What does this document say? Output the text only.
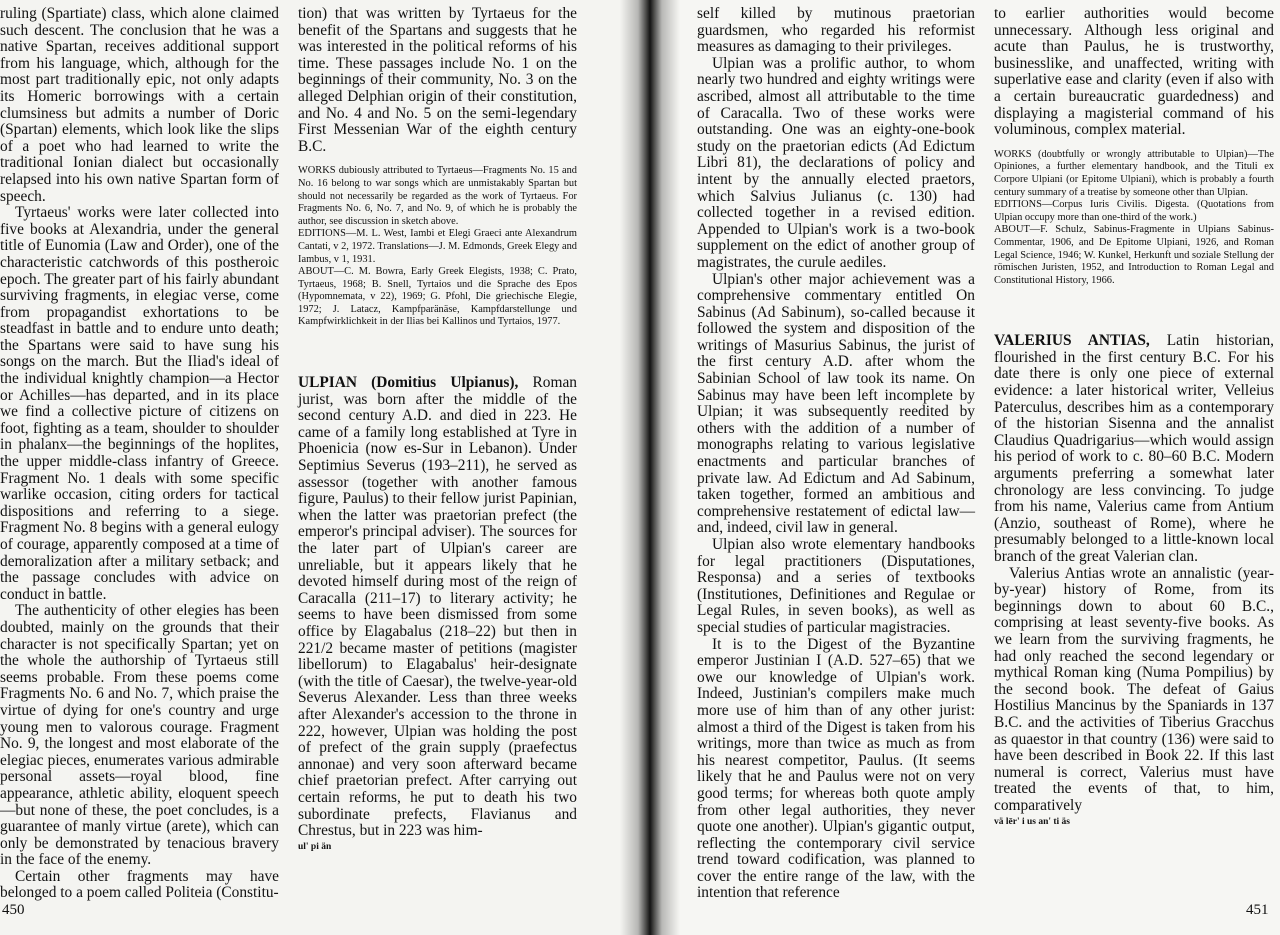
ruling (Spartiate) class, which alone claimed such descent. The conclusion that he was a native Spartan, receives additional support from his language, which, although for the most part traditionally epic, not only adapts its Homeric borrowings with a certain clumsiness but admits a number of Doric (Spartan) elements, which look like the slips of a poet who had learned to write the traditional Ionian dialect but occasionally relapsed into his own native Spartan form of speech.

Tyrtaeus' works were later collected into five books at Alexandria, under the general title of Eunomia (Law and Order), one of the characteristic catchwords of this postheroic epoch. The greater part of his fairly abundant surviving fragments, in elegiac verse, come from propagandist exhortations to be steadfast in battle and to endure unto death; the Spartans were said to have sung his songs on the march. But the Iliad's ideal of the individual knightly champion—a Hector or Achilles—has departed, and in its place we find a collective picture of citizens on foot, fighting as a team, shoulder to shoulder in phalanx—the beginnings of the hoplites, the upper middle-class infantry of Greece. Fragment No. 1 deals with some specific warlike occasion, citing orders for tactical dispositions and referring to a siege. Fragment No. 8 begins with a general eulogy of courage, apparently composed at a time of demoralization after a military setback; and the passage concludes with advice on conduct in battle.

The authenticity of other elegies has been doubted, mainly on the grounds that their character is not specifically Spartan; yet on the whole the authorship of Tyrtaeus still seems probable. From these poems come Fragments No. 6 and No. 7, which praise the virtue of dying for one's country and urge young men to valorous courage. Fragment No. 9, the longest and most elaborate of the elegiac pieces, enumerates various admirable personal assets—royal blood, fine appearance, athletic ability, eloquent speech—but none of these, the poet concludes, is a guarantee of manly virtue (arete), which can only be demonstrated by tenacious bravery in the face of the enemy.

Certain other fragments may have belonged to a poem called Politeia (Constitu-

tion) that was written by Tyrtaeus for the benefit of the Spartans and suggests that he was interested in the political reforms of his time. These passages include No. 1 on the beginnings of their community, No. 3 on the alleged Delphian origin of their constitution, and No. 4 and No. 5 on the semi-legendary First Messenian War of the eighth century B.C.

WORKS dubiously attributed to Tyrtaeus—Fragments No. 15 and No. 16 belong to war songs which are unmistakably Spartan but should not necessarily be regarded as the work of Tyrtaeus. For Fragments No. 6, No. 7, and No. 9, of which he is probably the author, see discussion in sketch above.

EDITIONS—M. L. West, Iambi et Elegi Graeci ante Alexandrum Cantati, v 2, 1972. Translations—J. M. Edmonds, Greek Elegy and Iambus, v 1, 1931.

ABOUT—C. M. Bowra, Early Greek Elegists, 1938; C. Prato, Tyrtaeus, 1968; B. Snell, Tyrtaios und die Sprache des Epos (Hypomnemata, v 22), 1969; G. Pfohl, Die griechische Elegie, 1972; J. Latacz, Kampfparänäse, Kampfdarstellunge und Kampfwirklichkeit in der Ilias bei Kallinos und Tyrtaios, 1977.

ULPIAN (Domitius Ulpianus), Roman jurist, was born after the middle of the second century A.D. and died in 223. He came of a family long established at Tyre in Phoenicia (now es-Sur in Lebanon). Under Septimius Severus (193–211), he served as assessor (together with another famous figure, Paulus) to their fellow jurist Papinian, when the latter was praetorian prefect (the emperor's principal adviser). The sources for the later part of Ulpian's career are unreliable, but it appears likely that he devoted himself during most of the reign of Caracalla (211–17) to literary activity; he seems to have been dismissed from some office by Elagabalus (218–22) but then in 221/2 became master of petitions (magister libellorum) to Elagabalus' heir-designate (with the title of Caesar), the twelve-year-old Severus Alexander. Less than three weeks after Alexander's accession to the throne in 222, however, Ulpian was holding the post of prefect of the grain supply (praefectus annonae) and very soon afterward became chief praetorian prefect. After carrying out certain reforms, he put to death his two subordinate prefects, Flavianus and Chrestus, but in 223 was him-

ul' pi än
450

self killed by mutinous praetorian guardsmen, who regarded his reformist measures as damaging to their privileges.

Ulpian was a prolific author, to whom nearly two hundred and eighty writings were ascribed, almost all attributable to the time of Caracalla. Two of these works were outstanding. One was an eighty-one-book study on the praetorian edicts (Ad Edictum Libri 81), the declarations of policy and intent by the annually elected praetors, which Salvius Julianus (c. 130) had collected together in a revised edition. Appended to Ulpian's work is a two-book supplement on the edict of another group of magistrates, the curule aediles.

Ulpian's other major achievement was a comprehensive commentary entitled On Sabinus (Ad Sabinum), so-called because it followed the system and disposition of the writings of Masurius Sabinus, the jurist of the first century A.D. after whom the Sabinian School of law took its name. On Sabinus may have been left incomplete by Ulpian; it was subsequently reedited by others with the addition of a number of monographs relating to various legislative enactments and particular branches of private law. Ad Edictum and Ad Sabinum, taken together, formed an ambitious and comprehensive restatement of edictal law—and, indeed, civil law in general.

Ulpian also wrote elementary handbooks for legal practitioners (Disputationes, Responsa) and a series of textbooks (Institutiones, Definitiones and Regulae or Legal Rules, in seven books), as well as special studies of particular magistracies.

It is to the Digest of the Byzantine emperor Justinian I (A.D. 527–65) that we owe our knowledge of Ulpian's work. Indeed, Justinian's compilers make much more use of him than of any other jurist: almost a third of the Digest is taken from his writings, more than twice as much as from his nearest competitor, Paulus. (It seems likely that he and Paulus were not on very good terms; for whereas both quote amply from other legal authorities, they never quote one another). Ulpian's gigantic output, reflecting the contemporary civil service trend toward codification, was planned to cover the entire range of the law, with the intention that reference

to earlier authorities would become unnecessary. Although less original and acute than Paulus, he is trustworthy, businesslike, and unaffected, writing with superlative ease and clarity (even if also with a certain bureaucratic guardedness) and displaying a magisterial command of his voluminous, complex material.

WORKS (doubtfully or wrongly attributable to Ulpian)—The Opiniones, a further elementary handbook, and the Tituli ex Corpore Ulpiani (or Epitome Ulpiani), which is probably a fourth century summary of a treatise by someone other than Ulpian.

EDITIONS—Corpus Iuris Civilis. Digesta. (Quotations from Ulpian occupy more than one-third of the work.)

ABOUT—F. Schulz, Sabinus-Fragmente in Ulpians Sabinus-Commentar, 1906, and De Epitome Ulpiani, 1926, and Roman Legal Science, 1946; W. Kunkel, Herkunft und soziale Stellung der römischen Juristen, 1952, and Introduction to Roman Legal and Constitutional History, 1966.

VALERIUS ANTIAS, Latin historian, flourished in the first century B.C. For his date there is only one piece of external evidence: a later historical writer, Velleius Paterculus, describes him as a contemporary of the historian Sisenna and the annalist Claudius Quadrigarius—which would assign his period of work to c. 80–60 B.C. Modern arguments preferring a somewhat later chronology are less convincing. To judge from his name, Valerius came from Antium (Anzio, southeast of Rome), where he presumably belonged to a little-known local branch of the great Valerian clan.

Valerius Antias wrote an annalistic (year-by-year) history of Rome, from its beginnings down to about 60 B.C., comprising at least seventy-five books. As we learn from the surviving fragments, he had only reached the second legendary or mythical Roman king (Numa Pompilius) by the second book. The defeat of Gaius Hostilius Mancinus by the Spaniards in 137 B.C. and the activities of Tiberius Gracchus as quaestor in that country (136) were said to have been described in Book 22. If this last numeral is correct, Valerius must have treated the events of that, to him, comparatively

vä lēr' i us an' ti äs
451
